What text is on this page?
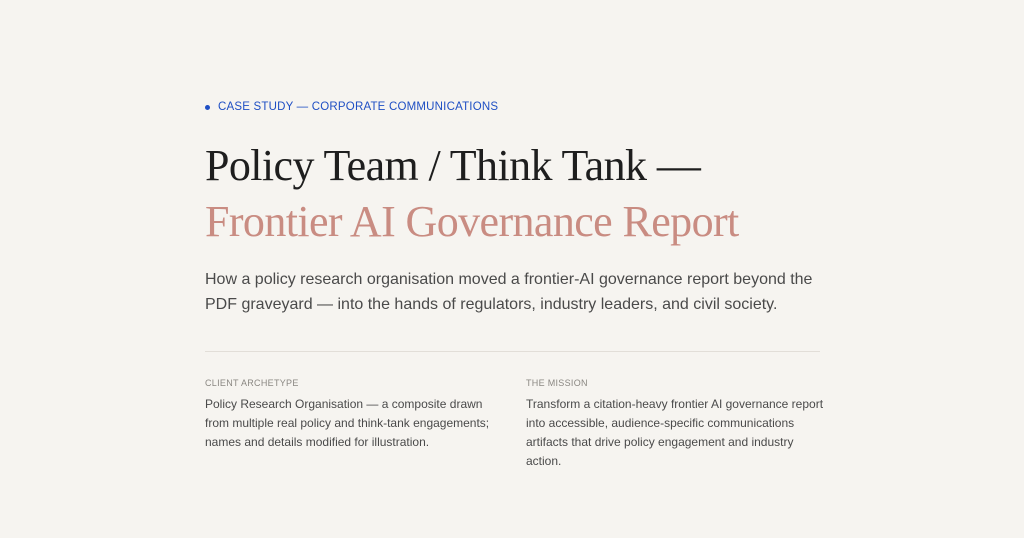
CASE STUDY — CORPORATE COMMUNICATIONS
Policy Team / Think Tank — Frontier AI Governance Report

How a policy research organisation moved a frontier-AI governance report beyond the PDF graveyard — into the hands of regulators, industry leaders, and civil society.

CLIENT ARCHETYPE

Policy Research Organisation — a composite drawn from multiple real policy and think-tank engagements; names and details modified for illustration.

THE MISSION

Transform a citation-heavy frontier AI governance report into accessible, audience-specific communications artifacts that drive policy engagement and industry action.
